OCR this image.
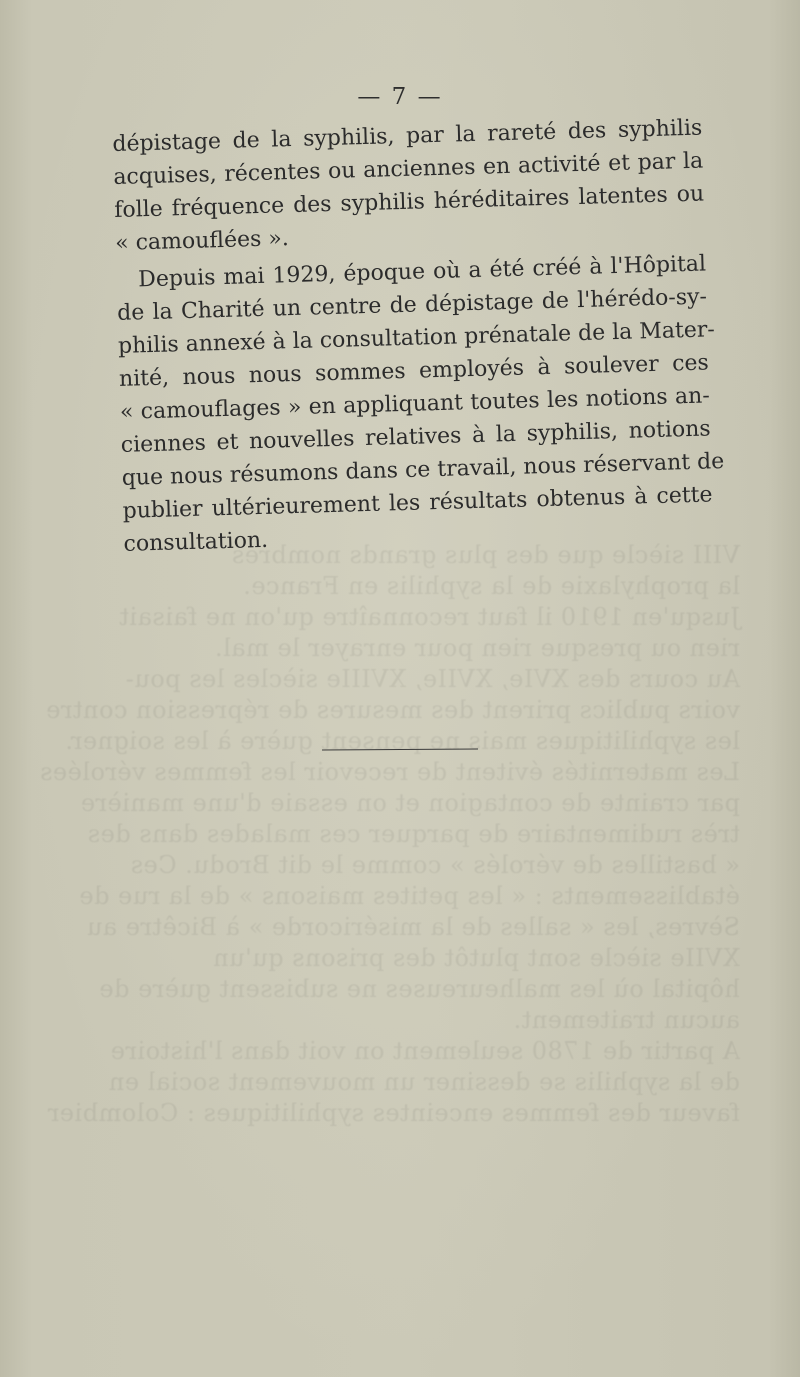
VIII siècle que des plus grands nombres
la prophylaxie de la syphilis en France.
Jusqu'en 1910 il faut reconnaître qu'on ne faisait
rien ou presque rien pour enrayer le mal.
Au cours des XVIe, XVIIe, XVIIIe siècles les pou-
voirs publics prirent des mesures de répression contre
les syphilitiques mais ne pensent guère à les soigner.
Les maternités évitent de recevoir les femmes vérolées
par crainte de contagion et on essaie d'une manière
très rudimentaire de parquer ces malades dans des
« bastilles de vérolés » comme le dit Brodu. Ces
établissements : « les petites maisons » de la rue de
Sèvres, les « salles de la miséricorde » à Bicêtre au
XVIIe siècle sont plutôt des prisons qu'un
hôpital où les malheureuses ne subissent guère de
aucun traitement.
A partir de 1780 seulement on voit dans l'histoire
de la syphilis se dessiner un mouvement social en
faveur des femmes enceintes syphilitiques : Colombier
— 7 —
dépistage de la syphilis, par la rareté des syphilis
acquises, récentes ou anciennes en activité et par la
folle fréquence des syphilis héréditaires latentes ou
« camouflées ».
Depuis mai 1929, époque où a été créé à l'Hôpital
de la Charité un centre de dépistage de l'hérédo-sy-
philis annexé à la consultation prénatale de la Mater-
nité, nous nous sommes employés à soulever ces
« camouflages » en appliquant toutes les notions an-
ciennes et nouvelles relatives à la syphilis, notions
que nous résumons dans ce travail, nous réservant de
publier ultérieurement les résultats obtenus à cette
consultation.
